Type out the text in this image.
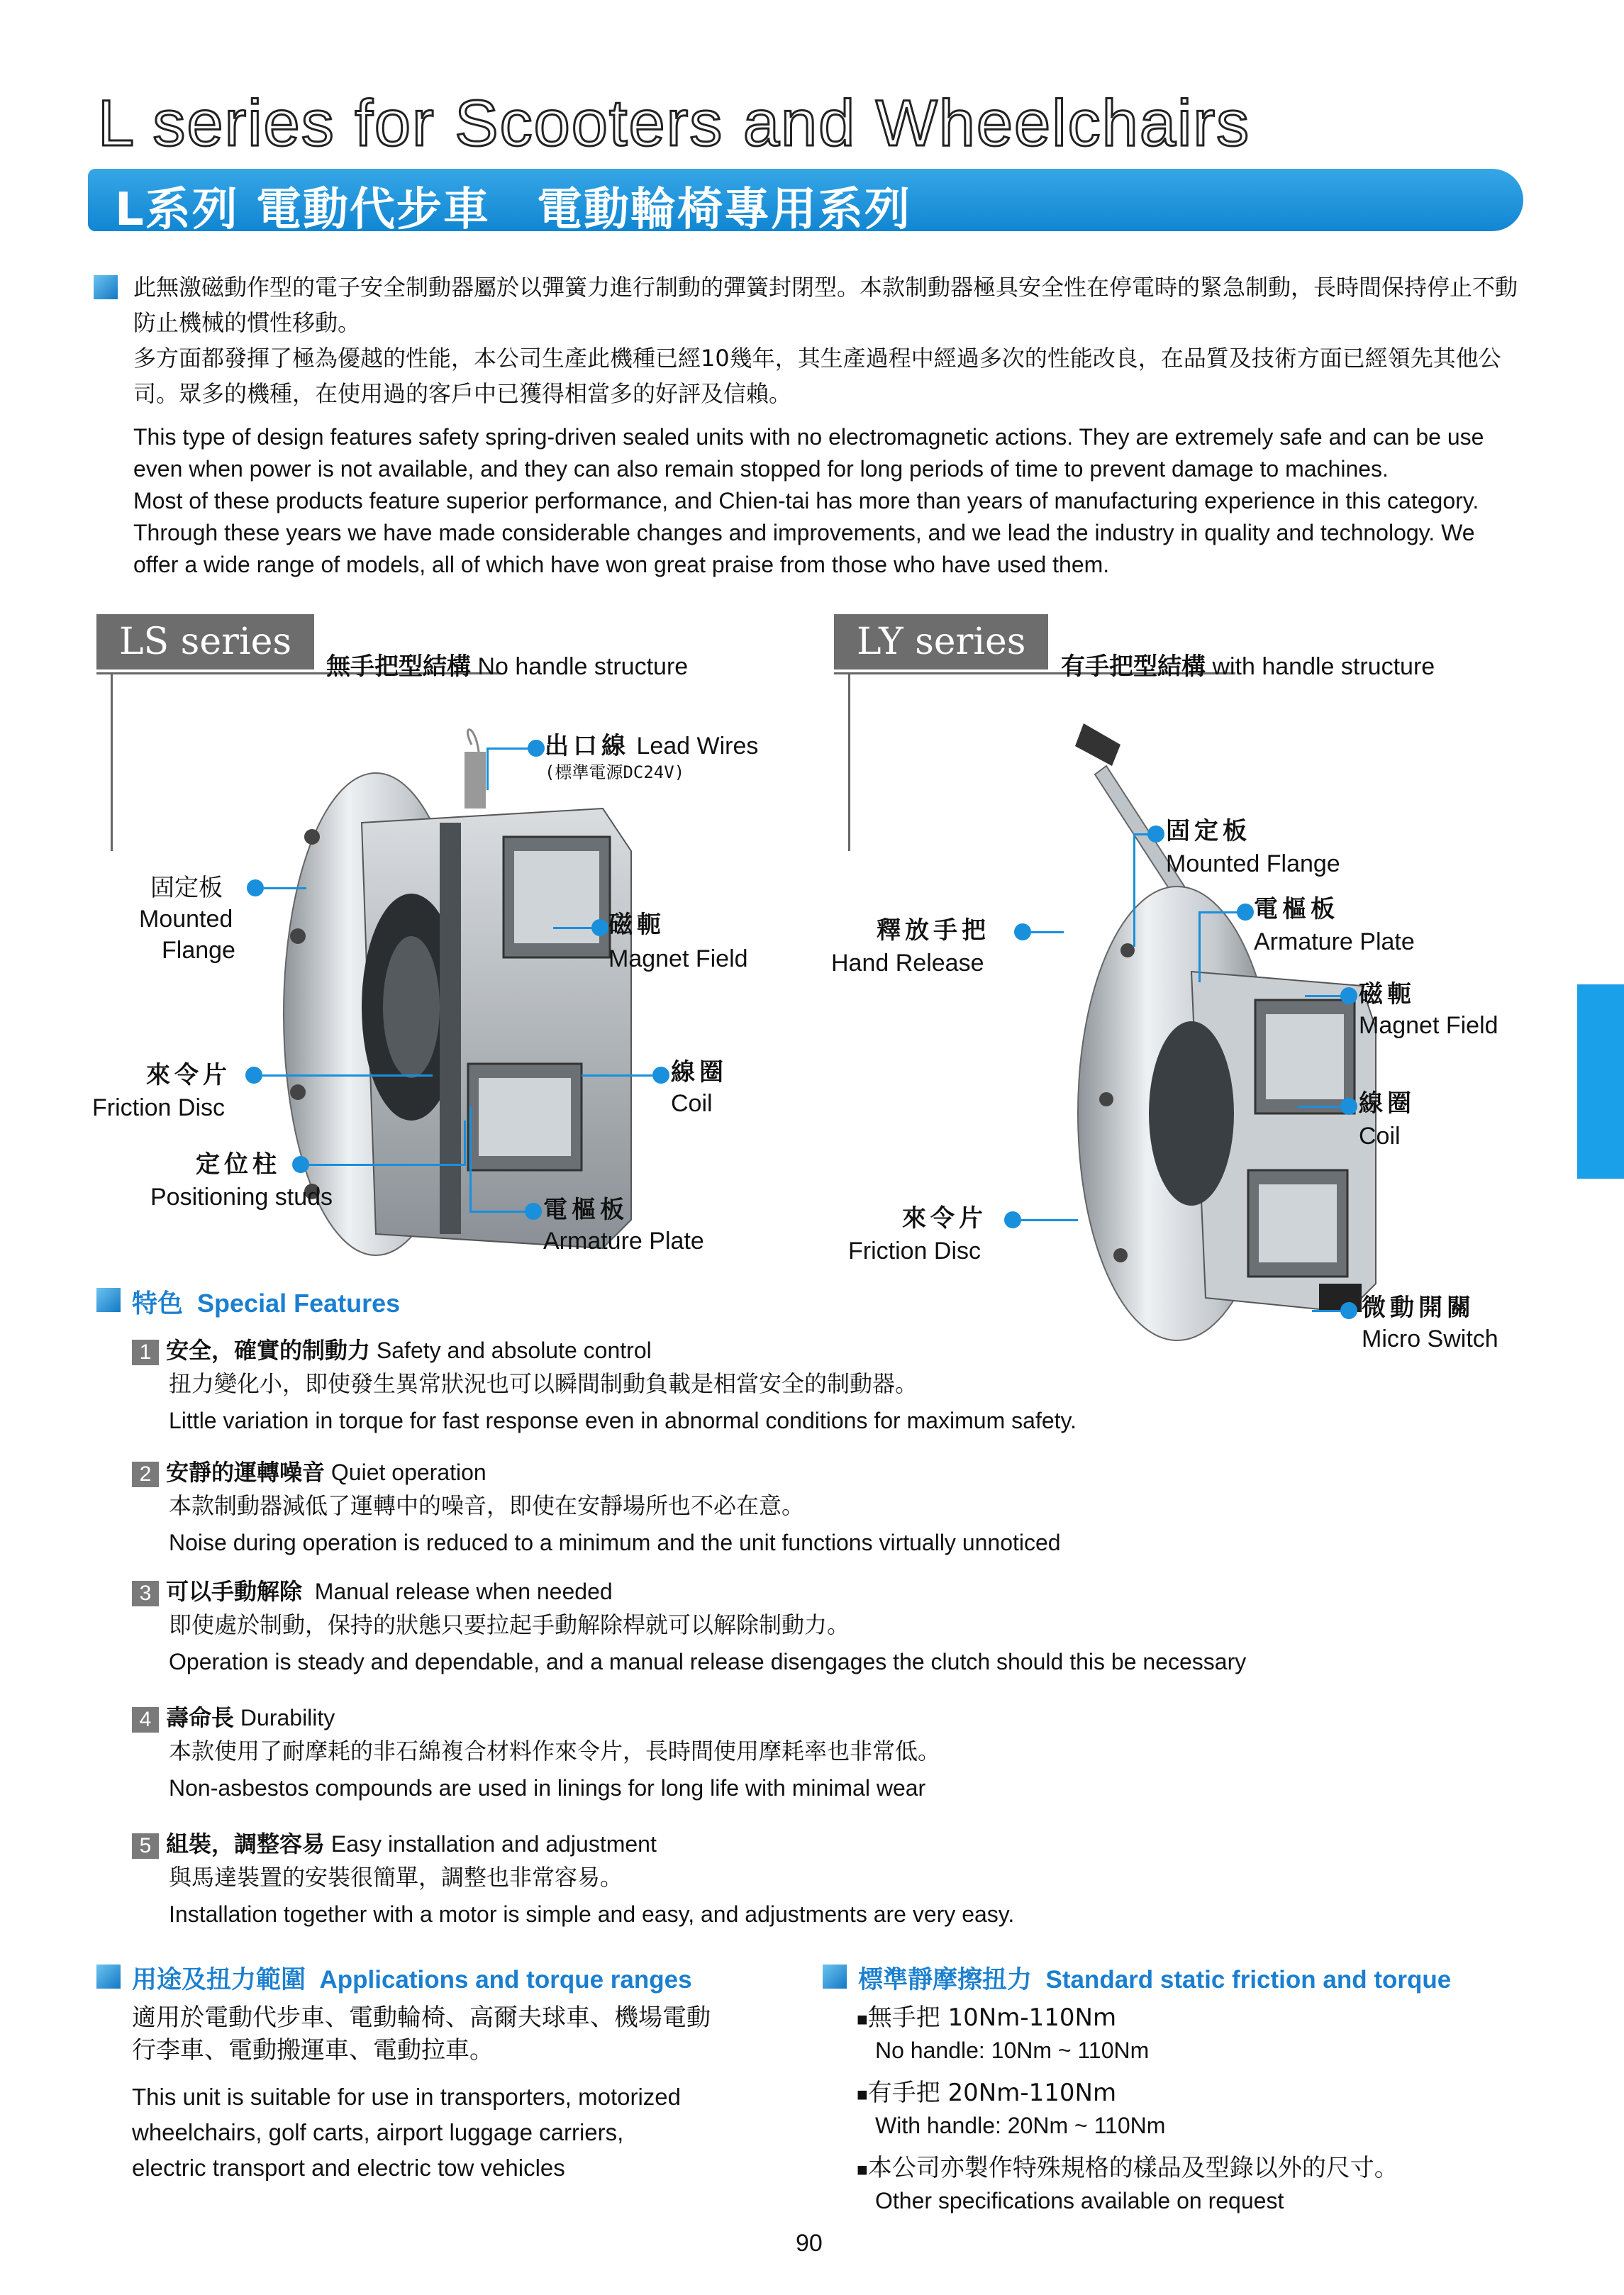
L series for Scooters and Wheelchairs
L系列 電動代步車　電動輪椅專用系列
此無激磁動作型的電子安全制動器屬於以彈簧力進行制動的彈簧封閉型。本款制動器極具安全性在停電時的緊急制動，長時間保持停止不動防止機械的慣性移動。
多方面都發揮了極為優越的性能，本公司生產此機種已經10幾年，其生產過程中經過多次的性能改良，在品質及技術方面已經領先其他公司。眾多的機種，在使用過的客戶中已獲得相當多的好評及信賴。
This type of design features safety spring-driven sealed units with no electromagnetic actions. They are extremely safe and can be use even when power is not available, and they can also remain stopped for long periods of time to prevent damage to machines.
Most of these products feature superior performance, and Chien-tai has more than years of manufacturing experience in this category. Through these years we have made considerable changes and improvements, and we lead the industry in quality and technology. We offer a wide range of models, all of which have won great praise from those who have used them.
LS series
無手把型結構 No handle structure
LY series
有手把型結構 with handle structure
出口線 Lead Wires
(標準電源DC24V)
固定板
Mounted
Flange
磁軛
Magnet Field
來令片
Friction Disc
線圈
Coil
定位柱
Positioning studs	電樞板
Armature Plate
固定板
Mounted Flange
電樞板
Armature Plate
釋放手把
Hand Release
磁軛
Magnet Field
線圈
Coil
來令片
Friction Disc
微動開關
Micro Switch
特色 Special Features
1 安全，確實的制動力 Safety and absolute control
扭力變化小，即使發生異常狀況也可以瞬間制動負載是相當安全的制動器。
Little variation in torque for fast response even in abnormal conditions for maximum safety.
2 安靜的運轉噪音 Quiet operation
本款制動器減低了運轉中的噪音，即使在安靜場所也不必在意。
Noise during operation is reduced to a minimum and the unit functions virtually unnoticed
3 可以手動解除 Manual release when needed
即使處於制動，保持的狀態只要拉起手動解除桿就可以解除制動力。
Operation is steady and dependable, and a manual release disengages the clutch should this be necessary
4 壽命長 Durability
本款使用了耐摩耗的非石綿複合材料作來令片，長時間使用摩耗率也非常低。
Non-asbestos compounds are used in linings for long life with minimal wear
5 組裝，調整容易 Easy installation and adjustment
與馬達裝置的安裝很簡單，調整也非常容易。
Installation together with a motor is simple and easy, and adjustments are very easy.
用途及扭力範圍 Applications and torque ranges
適用於電動代步車、電動輪椅、高爾夫球車、機場電動
行李車、電動搬運車、電動拉車。
This unit is suitable for use in transporters, motorized
wheelchairs, golf carts, airport luggage carriers,
electric transport and electric tow vehicles
標準靜摩擦扭力 Standard static friction and torque
■無手把 10Nm-110Nm
No handle: 10Nm ~ 110Nm
■有手把 20Nm-110Nm
With handle: 20Nm ~ 110Nm
■本公司亦製作特殊規格的樣品及型錄以外的尺寸。
Other specifications available on request
90
